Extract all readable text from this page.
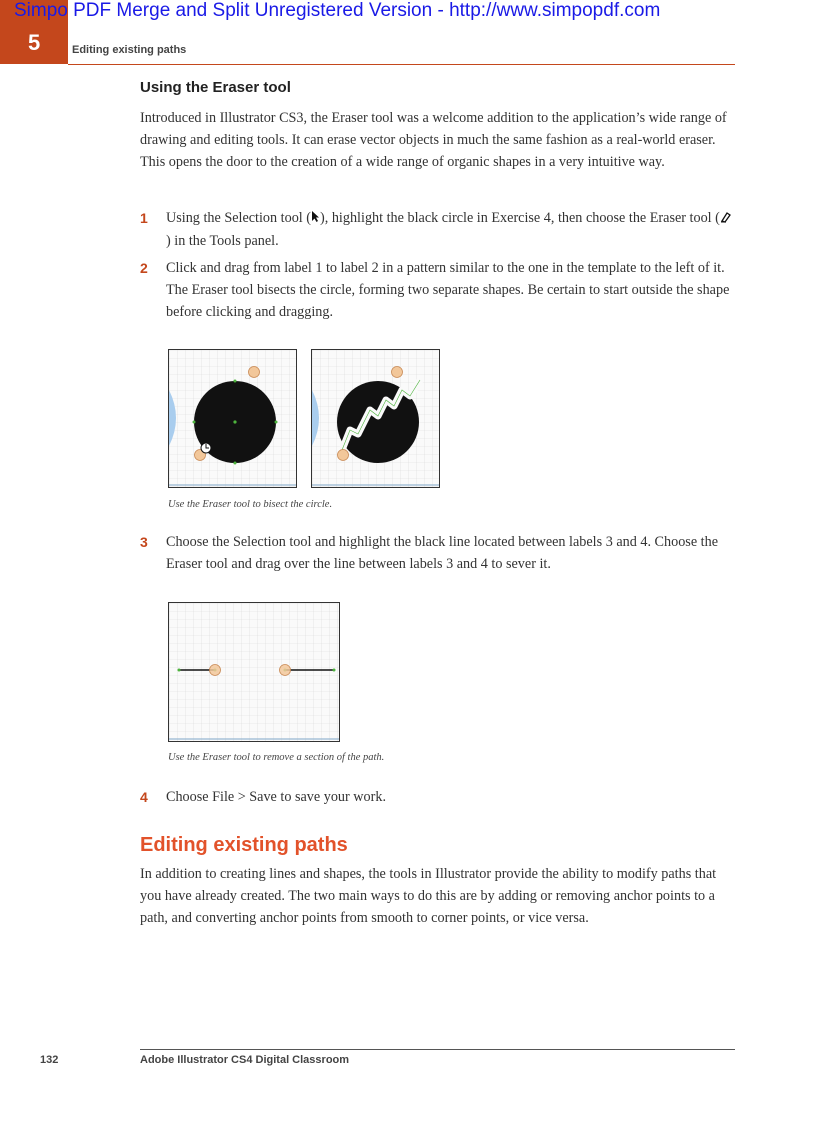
Simpo PDF Merge and Split Unregistered Version - http://www.simpopdf.com
5	Editing existing paths
Using the Eraser tool
Introduced in Illustrator CS3, the Eraser tool was a welcome addition to the application’s wide range of drawing and editing tools. It can erase vector objects in much the same fashion as a real-world eraser. This opens the door to the creation of a wide range of organic shapes in a very intuitive way.
1 Using the Selection tool ( ), highlight the black circle in Exercise 4, then choose the Eraser tool () in the Tools panel.
2 Click and drag from label 1 to label 2 in a pattern similar to the one in the template to the left of it. The Eraser tool bisects the circle, forming two separate shapes. Be certain to start outside the shape before clicking and dragging.
Use the Eraser tool to bisect the circle.
3 Choose the Selection tool and highlight the black line located between labels 3 and 4. Choose the Eraser tool and drag over the line between labels 3 and 4 to sever it.
Use the Eraser tool to remove a section of the path.
4 Choose File > Save to save your work.
Editing existing paths
In addition to creating lines and shapes, the tools in Illustrator provide the ability to modify paths that you have already created. The two main ways to do this are by adding or removing anchor points to a path, and converting anchor points from smooth to corner points, or vice versa.
132	Adobe Illustrator CS4 Digital Classroom
